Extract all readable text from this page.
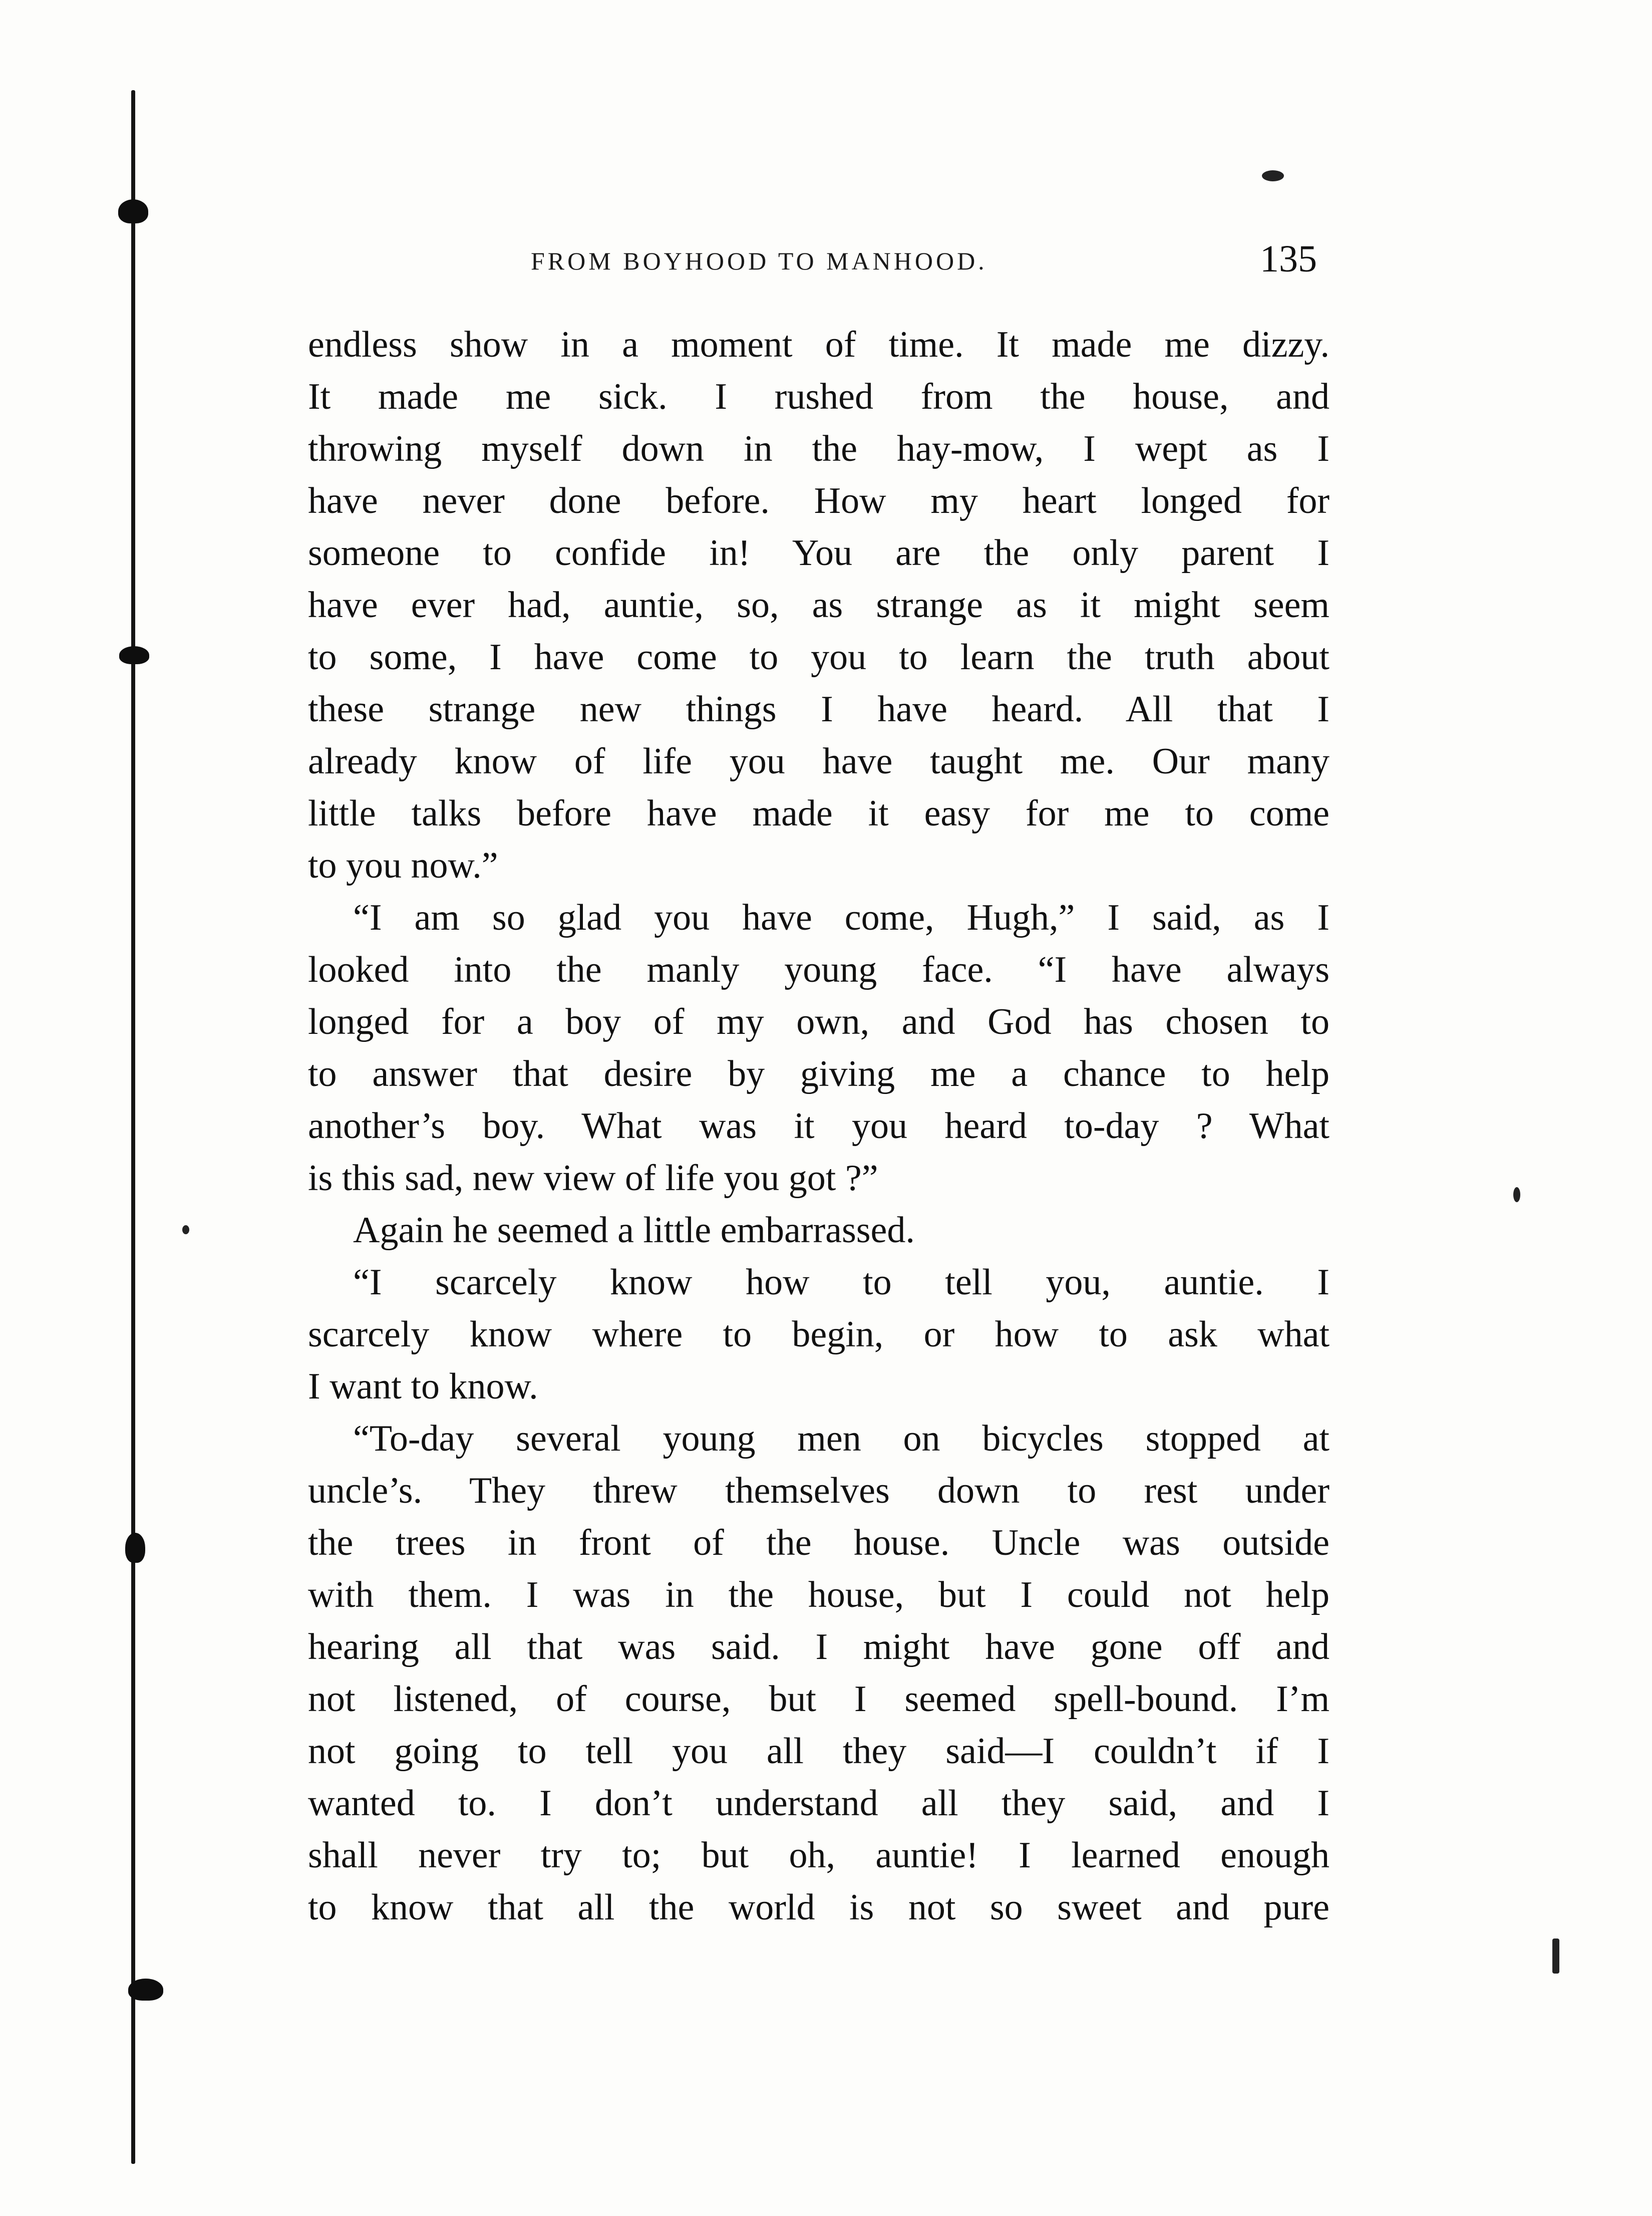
FROM BOYHOOD TO MANHOOD.	135
endless show in a moment of time. It made me dizzy.
It made me sick. I rushed from the house, and
throwing myself down in the hay-mow, I wept as I
have never done before. How my heart longed for
someone to confide in! You are the only parent I
have ever had, auntie, so, as strange as it might seem
to some, I have come to you to learn the truth about
these strange new things I have heard. All that I
already know of life you have taught me. Our many
little talks before have made it easy for me to come
to you now.”
“I am so glad you have come, Hugh,” I said, as I
looked into the manly young face. “I have always
longed for a boy of my own, and God has chosen to
to answer that desire by giving me a chance to help
another’s boy. What was it you heard to-day ? What
is this sad, new view of life you got ?”
Again he seemed a little embarrassed.
“I scarcely know how to tell you, auntie. I
scarcely know where to begin, or how to ask what
I want to know.
“To-day several young men on bicycles stopped at
uncle’s. They threw themselves down to rest under
the trees in front of the house. Uncle was outside
with them. I was in the house, but I could not help
hearing all that was said. I might have gone off and
not listened, of course, but I seemed spell-bound. I’m
not going to tell you all they said—I couldn’t if I
wanted to. I don’t understand all they said, and I
shall never try to; but oh, auntie! I learned enough
to know that all the world is not so sweet and pure
